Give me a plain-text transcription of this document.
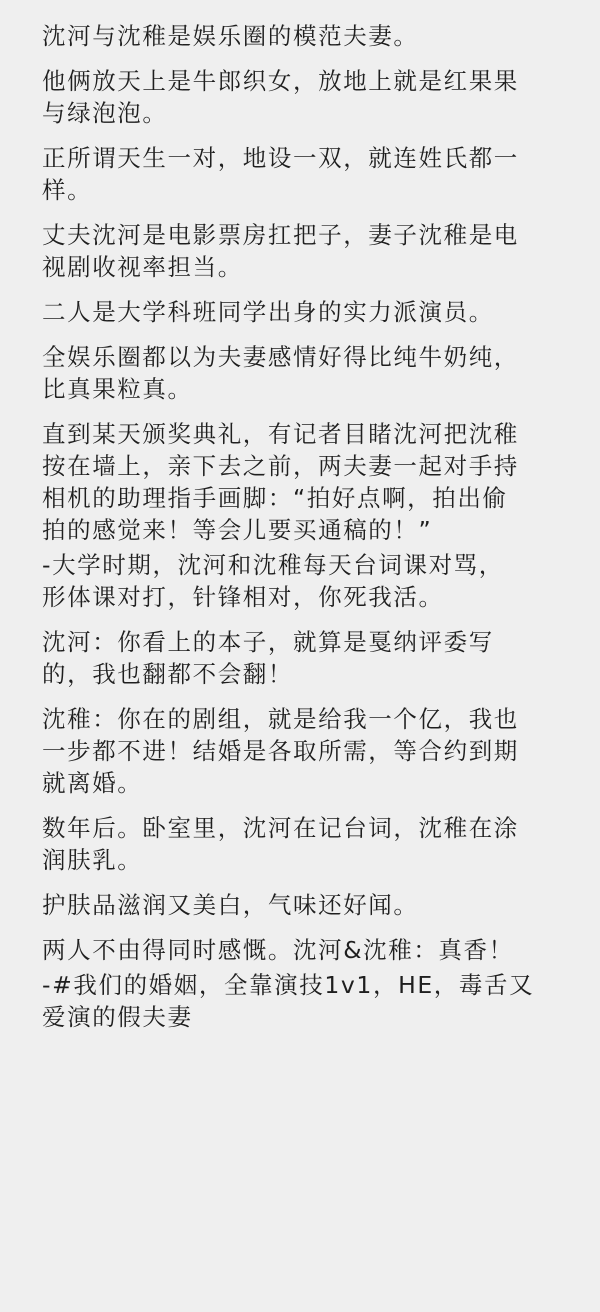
沈河与沈稚是娱乐圈的模范夫妻。
他俩放天上是牛郎织女，放地上就是红果果
与绿泡泡。
正所谓天生一对，地设一双，就连姓氏都一
样。
丈夫沈河是电影票房扛把子，妻子沈稚是电
视剧收视率担当。
二人是大学科班同学出身的实力派演员。
全娱乐圈都以为夫妻感情好得比纯牛奶纯，
比真果粒真。
直到某天颁奖典礼，有记者目睹沈河把沈稚
按在墙上，亲下去之前，两夫妻一起对手持
相机的助理指手画脚：“拍好点啊，拍出偷
拍的感觉来！等会儿要买通稿的！”
-大学时期，沈河和沈稚每天台词课对骂，
形体课对打，针锋相对，你死我活。
沈河：你看上的本子，就算是戛纳评委写
的，我也翻都不会翻！
沈稚：你在的剧组，就是给我一个亿，我也
一步都不进！结婚是各取所需，等合约到期
就离婚。
数年后。卧室里，沈河在记台词，沈稚在涂
润肤乳。
护肤品滋润又美白，气味还好闻。
两人不由得同时感慨。沈河&沈稚：真香！
-#我们的婚姻，全靠演技1v1，HE，毒舌又
爱演的假夫妻
